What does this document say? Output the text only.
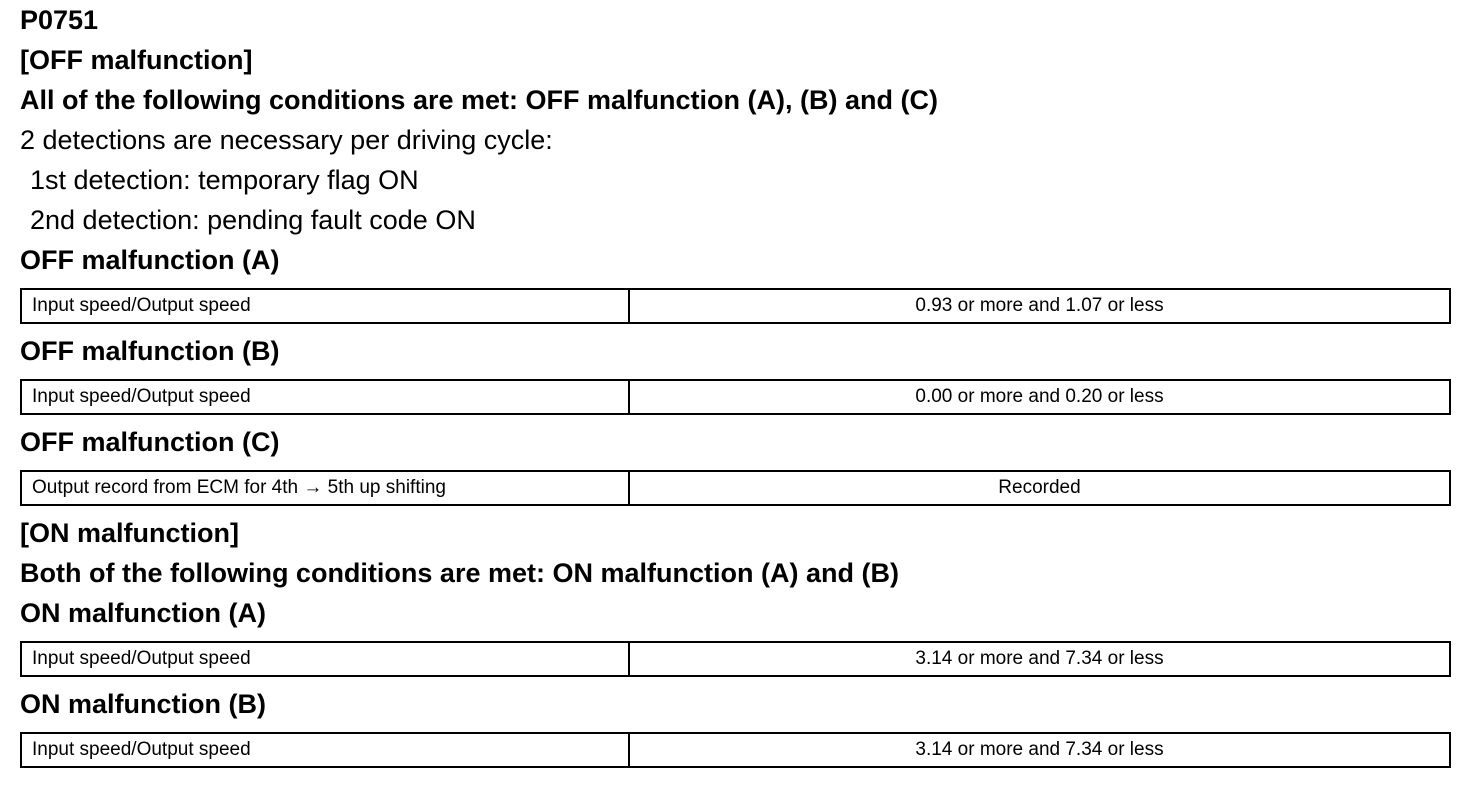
P0751
[OFF malfunction]
All of the following conditions are met: OFF malfunction (A), (B) and (C)
2 detections are necessary per driving cycle:
1st detection: temporary flag ON
2nd detection: pending fault code ON
OFF malfunction (A)
Input speed/Output speed	0.93 or more and 1.07 or less
OFF malfunction (B)
Input speed/Output speed	0.00 or more and 0.20 or less
OFF malfunction (C)
Output record from ECM for 4th → 5th up shifting	Recorded
[ON malfunction]
Both of the following conditions are met: ON malfunction (A) and (B)
ON malfunction (A)
Input speed/Output speed	3.14 or more and 7.34 or less
ON malfunction (B)
Input speed/Output speed	3.14 or more and 7.34 or less
